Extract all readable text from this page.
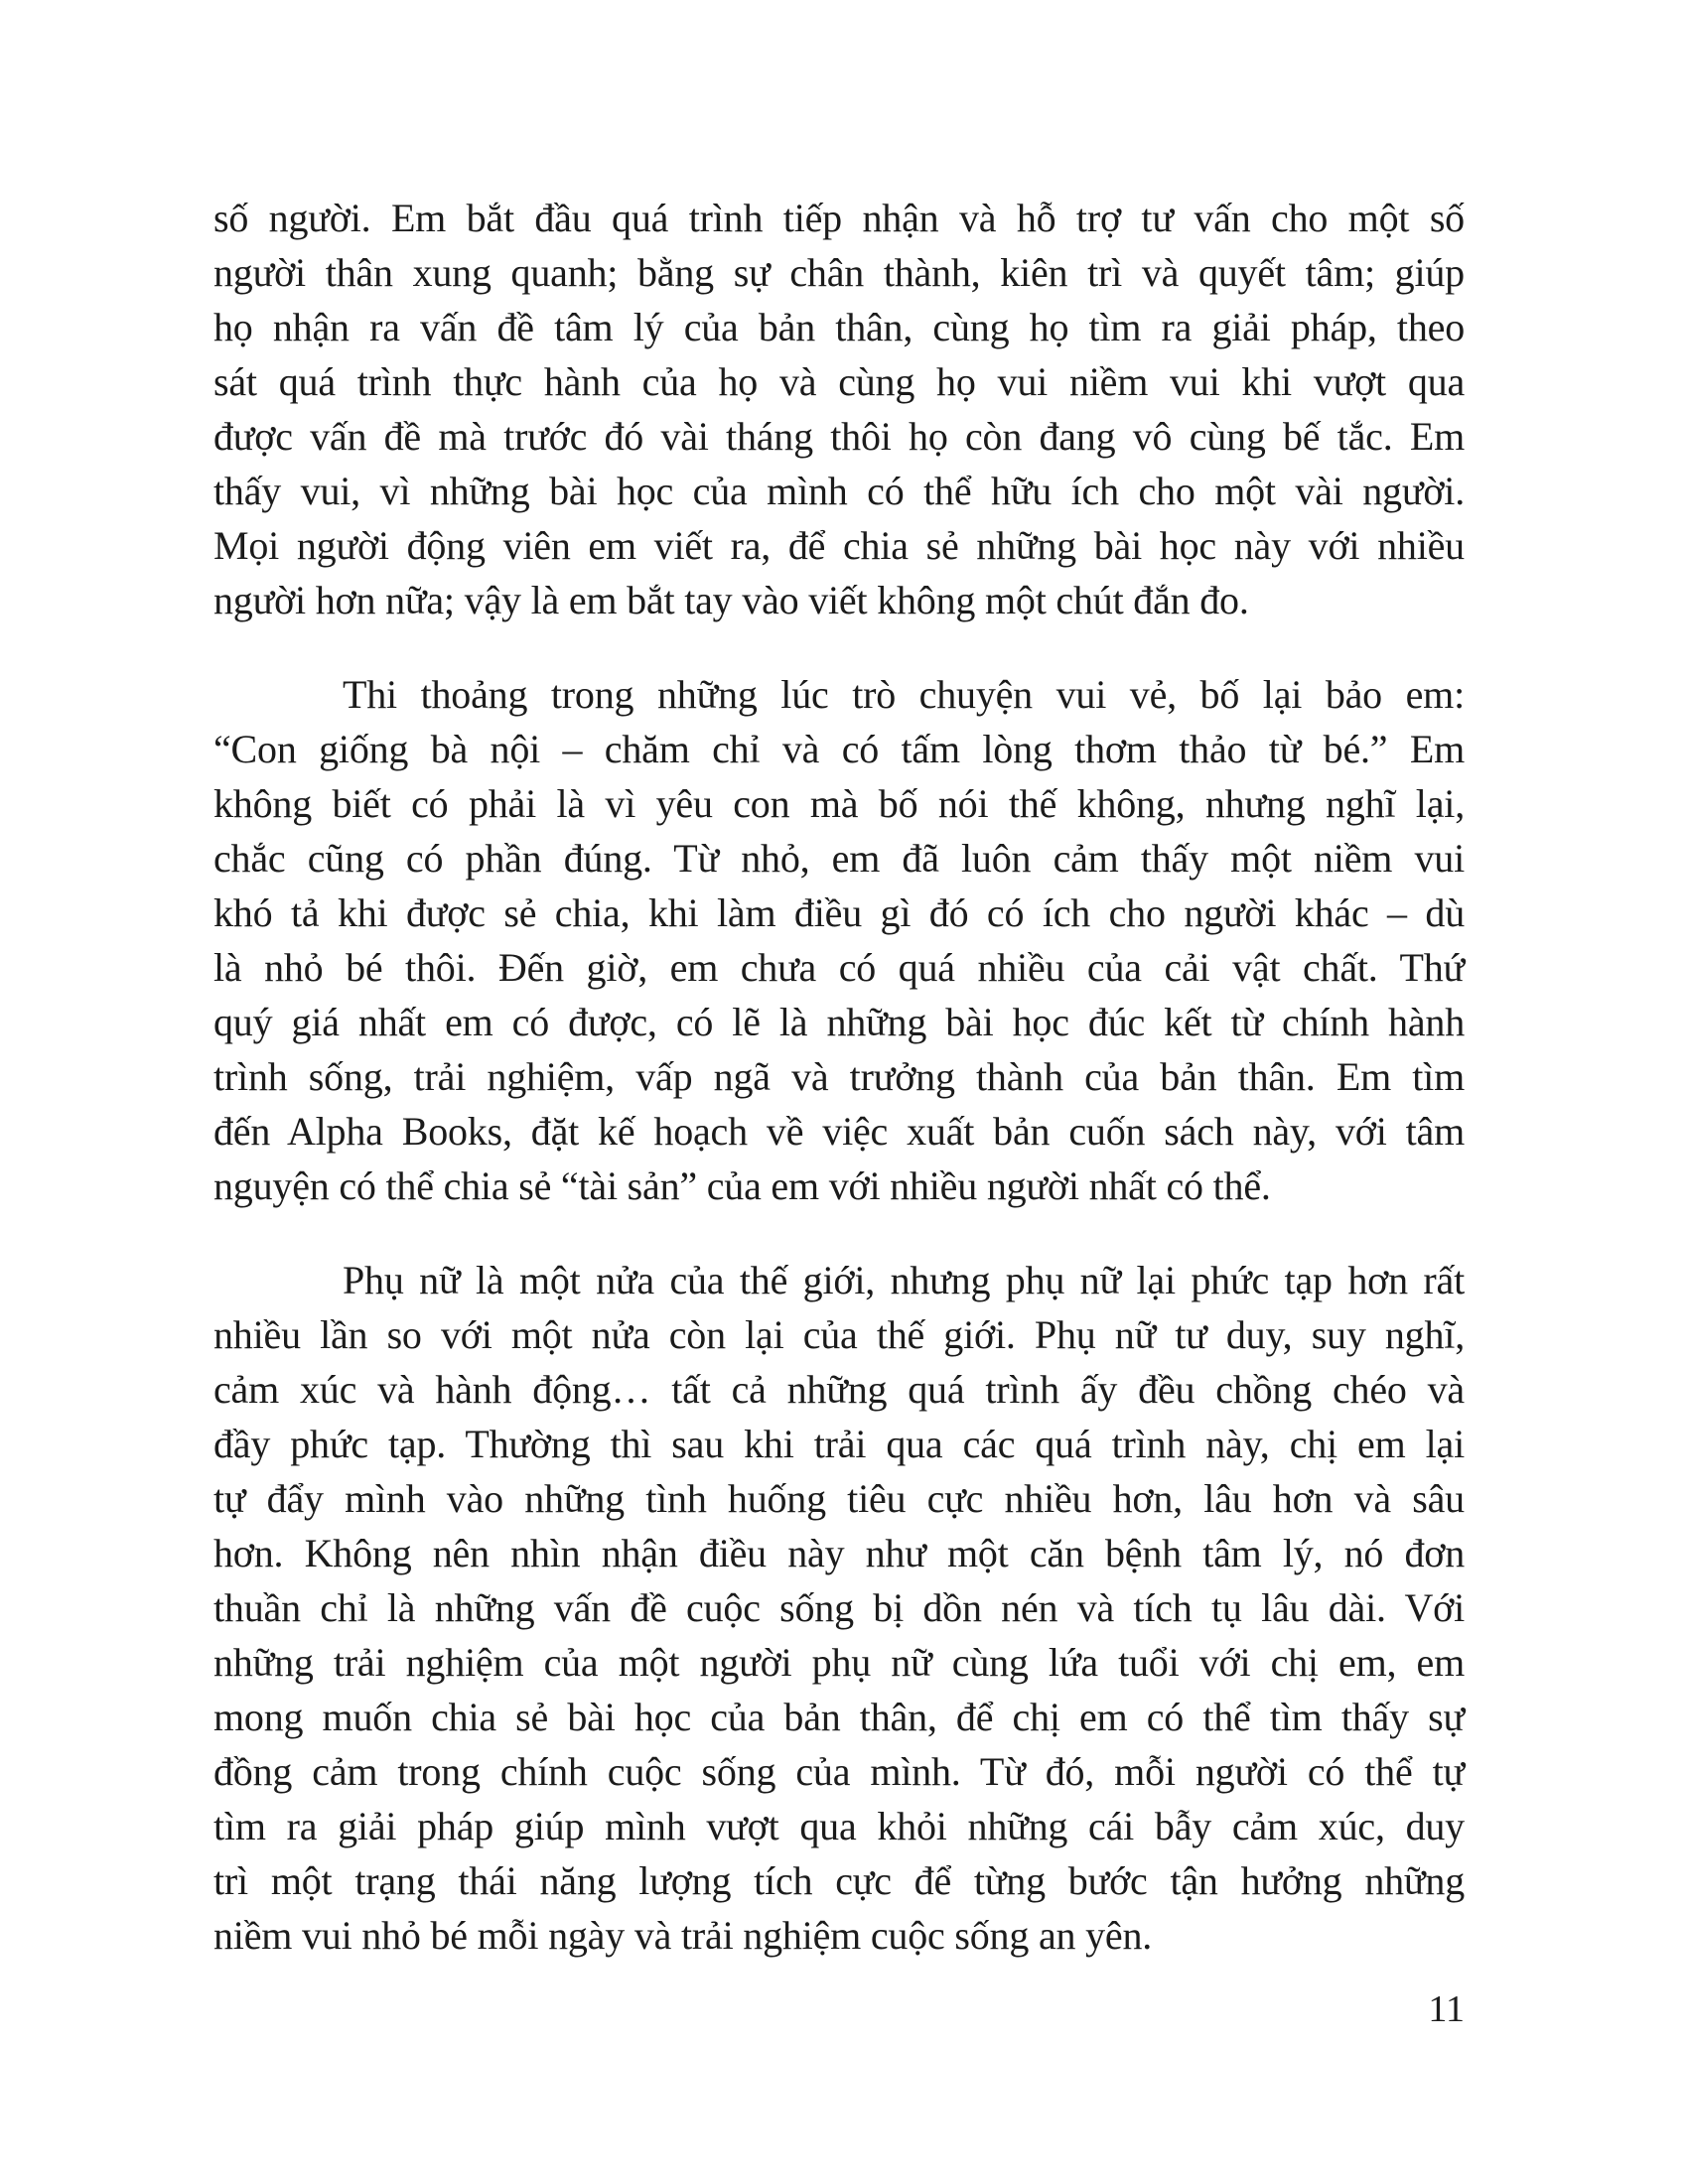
số người. Em bắt đầu quá trình tiếp nhận và hỗ trợ tư vấn cho một số
người thân xung quanh; bằng sự chân thành, kiên trì và quyết tâm; giúp
họ nhận ra vấn đề tâm lý của bản thân, cùng họ tìm ra giải pháp, theo
sát quá trình thực hành của họ và cùng họ vui niềm vui khi vượt qua
được vấn đề mà trước đó vài tháng thôi họ còn đang vô cùng bế tắc. Em
thấy vui, vì những bài học của mình có thể hữu ích cho một vài người.
Mọi người động viên em viết ra, để chia sẻ những bài học này với nhiều
người hơn nữa; vậy là em bắt tay vào viết không một chút đắn đo.
Thi thoảng trong những lúc trò chuyện vui vẻ, bố lại bảo em:
“Con giống bà nội – chăm chỉ và có tấm lòng thơm thảo từ bé.” Em
không biết có phải là vì yêu con mà bố nói thế không, nhưng nghĩ lại,
chắc cũng có phần đúng. Từ nhỏ, em đã luôn cảm thấy một niềm vui
khó tả khi được sẻ chia, khi làm điều gì đó có ích cho người khác – dù
là nhỏ bé thôi. Đến giờ, em chưa có quá nhiều của cải vật chất. Thứ
quý giá nhất em có được, có lẽ là những bài học đúc kết từ chính hành
trình sống, trải nghiệm, vấp ngã và trưởng thành của bản thân. Em tìm
đến Alpha Books, đặt kế hoạch về việc xuất bản cuốn sách này, với tâm
nguyện có thể chia sẻ “tài sản” của em với nhiều người nhất có thể.
Phụ nữ là một nửa của thế giới, nhưng phụ nữ lại phức tạp hơn rất
nhiều lần so với một nửa còn lại của thế giới. Phụ nữ tư duy, suy nghĩ,
cảm xúc và hành động… tất cả những quá trình ấy đều chồng chéo và
đầy phức tạp. Thường thì sau khi trải qua các quá trình này, chị em lại
tự đẩy mình vào những tình huống tiêu cực nhiều hơn, lâu hơn và sâu
hơn. Không nên nhìn nhận điều này như một căn bệnh tâm lý, nó đơn
thuần chỉ là những vấn đề cuộc sống bị dồn nén và tích tụ lâu dài. Với
những trải nghiệm của một người phụ nữ cùng lứa tuổi với chị em, em
mong muốn chia sẻ bài học của bản thân, để chị em có thể tìm thấy sự
đồng cảm trong chính cuộc sống của mình. Từ đó, mỗi người có thể tự
tìm ra giải pháp giúp mình vượt qua khỏi những cái bẫy cảm xúc, duy
trì một trạng thái năng lượng tích cực để từng bước tận hưởng những
niềm vui nhỏ bé mỗi ngày và trải nghiệm cuộc sống an yên.
11
